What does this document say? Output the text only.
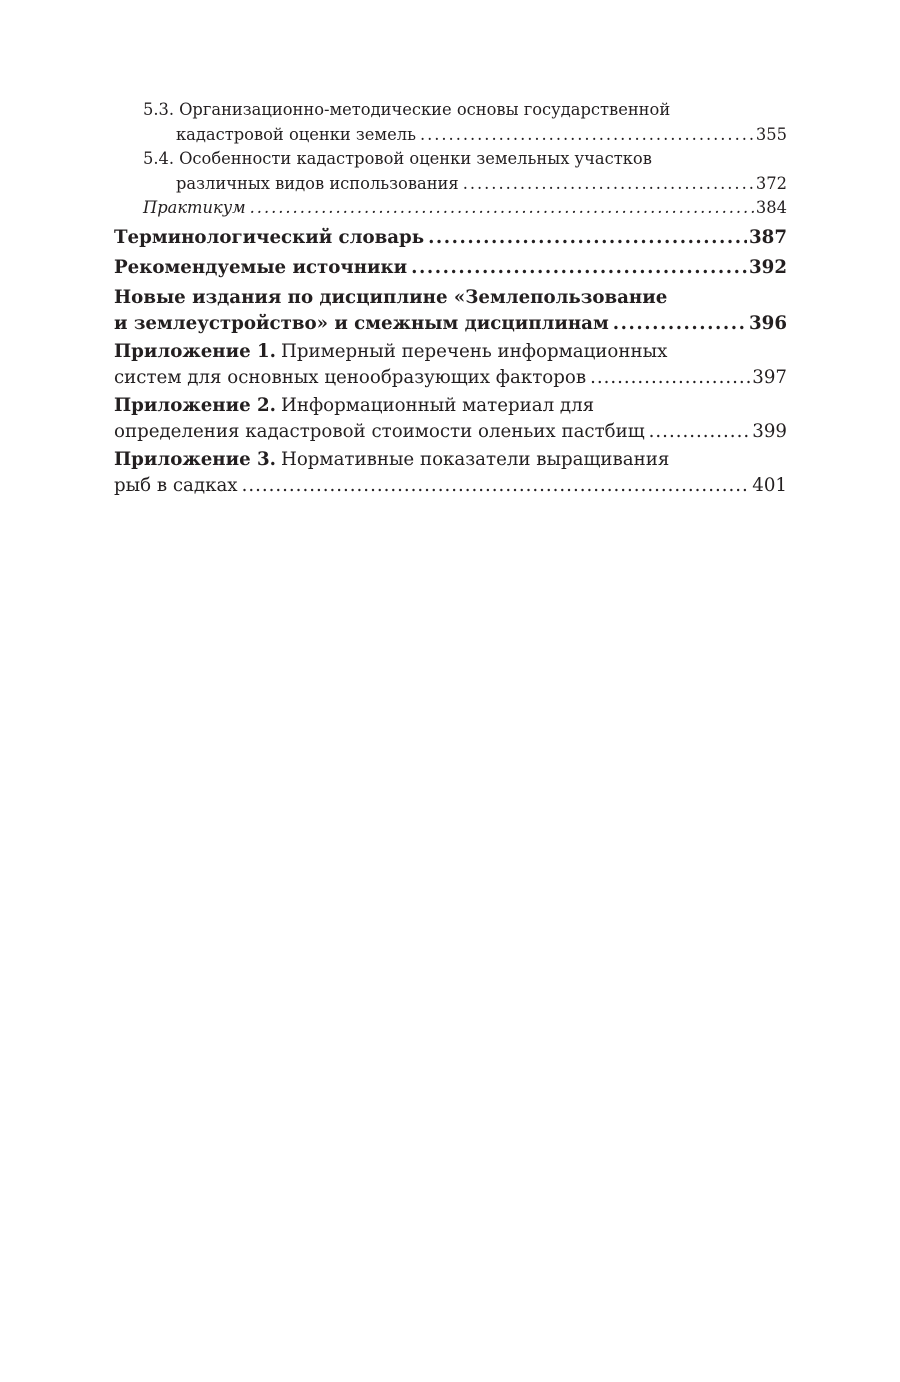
5.3. Организационно-методические основы государственной
кадастровой оценки земель . . .	355
5.4. Особенности кадастровой оценки земельных участков
различных видов использования . . .	372
Практикум . . .	384
Терминологический словарь . . .	387
Рекомендуемые источники . . .	392
Новые издания по дисциплине «Землепользование
и землеустройство» и смежным дисциплинам . . .	396
Приложение 1. Примерный перечень информационных
систем для основных ценообразующих факторов . . .	397
Приложение 2. Информационный материал для
определения кадастровой стоимости оленьих пастбищ . . .	399
Приложение 3. Нормативные показатели выращивания
рыб в садках . . .	401
